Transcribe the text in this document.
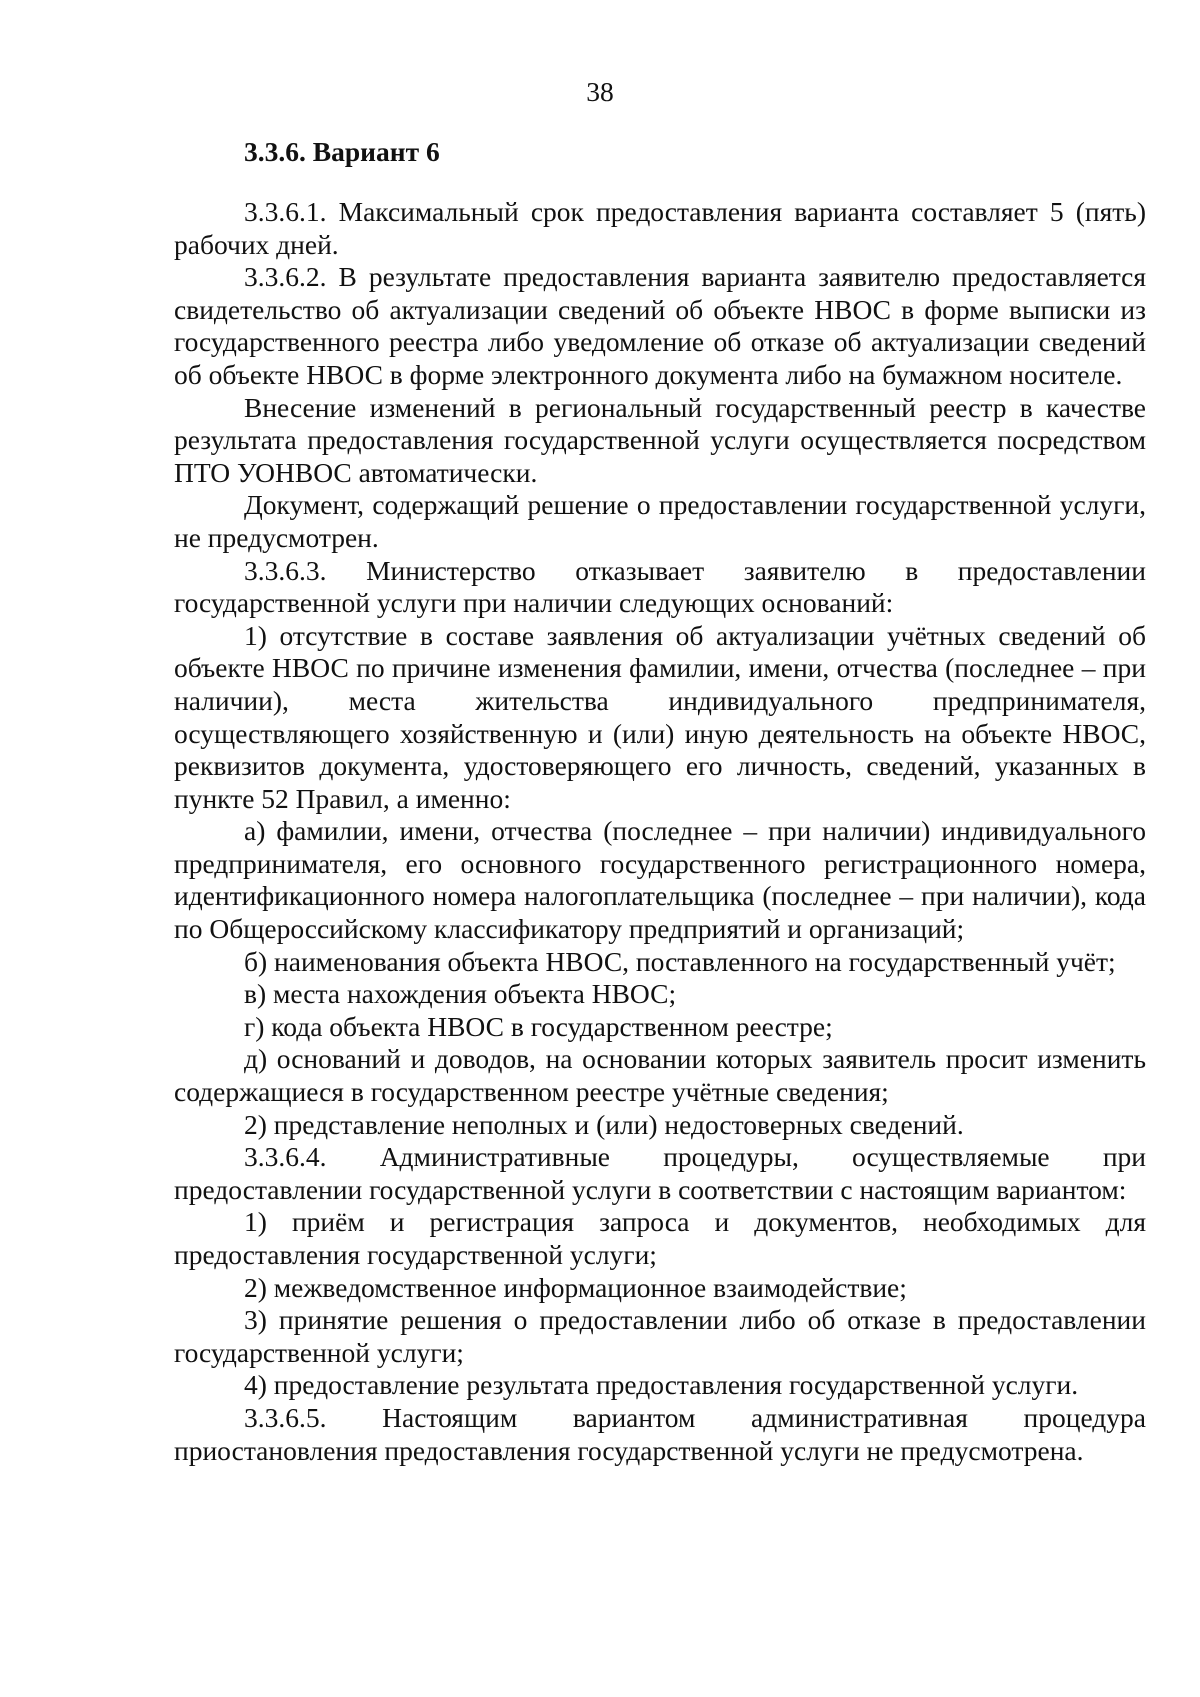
38

3.3.6. Вариант 6

3.3.6.1. Максимальный срок предоставления варианта составляет 5 (пять) рабочих дней.

3.3.6.2. В результате предоставления варианта заявителю предоставляется свидетельство об актуализации сведений об объекте НВОС в форме выписки из государственного реестра либо уведомление об отказе об актуализации сведений об объекте НВОС в форме электронного документа либо на бумажном носителе.

Внесение изменений в региональный государственный реестр в качестве результата предоставления государственной услуги осуществляется посредством ПТО УОНВОС автоматически.

Документ, содержащий решение о предоставлении государственной услуги, не предусмотрен.

3.3.6.3. Министерство отказывает заявителю в предоставлении государственной услуги при наличии следующих оснований:

1) отсутствие в составе заявления об актуализации учётных сведений об объекте НВОС по причине изменения фамилии, имени, отчества (последнее – при наличии), места жительства индивидуального предпринимателя, осуществляющего хозяйственную и (или) иную деятельность на объекте НВОС, реквизитов документа, удостоверяющего его личность, сведений, указанных в пункте 52 Правил, а именно:

а) фамилии, имени, отчества (последнее – при наличии) индивидуального предпринимателя, его основного государственного регистрационного номера, идентификационного номера налогоплательщика (последнее – при наличии), кода по Общероссийскому классификатору предприятий и организаций;

б) наименования объекта НВОС, поставленного на государственный учёт;

в) места нахождения объекта НВОС;

г) кода объекта НВОС в государственном реестре;

д) оснований и доводов, на основании которых заявитель просит изменить содержащиеся в государственном реестре учётные сведения;

2) представление неполных и (или) недостоверных сведений.

3.3.6.4. Административные процедуры, осуществляемые при предоставлении государственной услуги в соответствии с настоящим вариантом:

1) приём и регистрация запроса и документов, необходимых для предоставления государственной услуги;

2) межведомственное информационное взаимодействие;

3) принятие решения о предоставлении либо об отказе в предоставлении государственной услуги;

4) предоставление результата предоставления государственной услуги.

3.3.6.5. Настоящим вариантом административная процедура приостановления предоставления государственной услуги не предусмотрена.
